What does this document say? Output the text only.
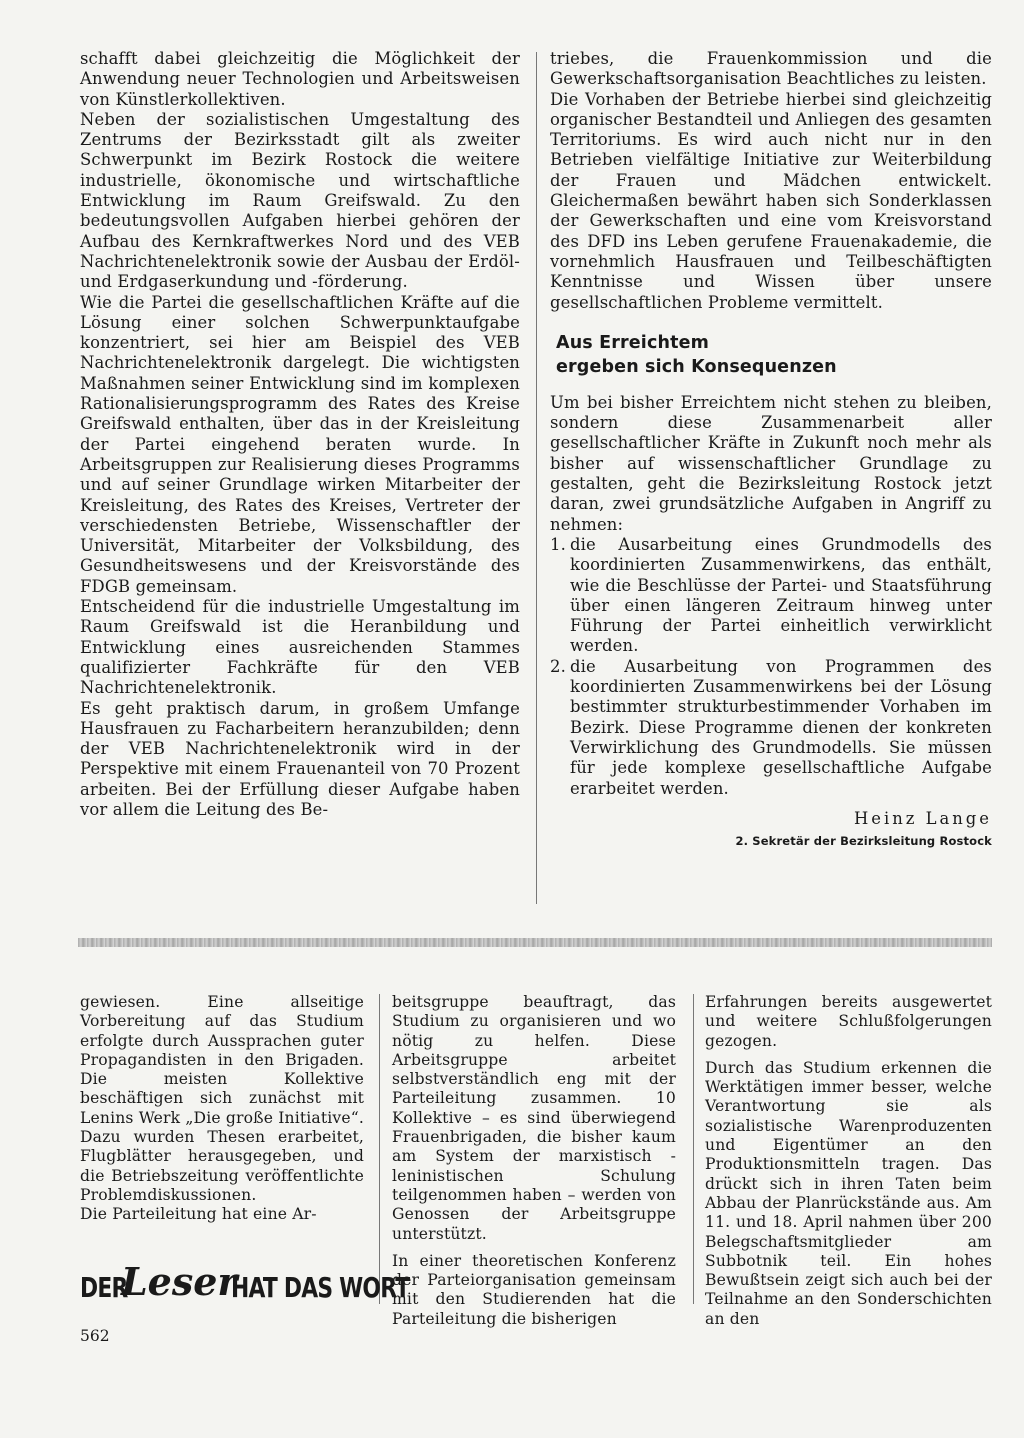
schafft dabei gleichzeitig die Möglichkeit der Anwendung neuer Technologien und Arbeitsweisen von Künstlerkollektiven.

Neben der sozialistischen Umgestaltung des Zentrums der Bezirksstadt gilt als zweiter Schwerpunkt im Bezirk Rostock die weitere industrielle, ökonomische und wirtschaftliche Entwicklung im Raum Greifswald. Zu den bedeutungsvollen Aufgaben hierbei gehören der Aufbau des Kernkraftwerkes Nord und des VEB Nachrichtenelektronik sowie der Ausbau der Erdöl- und Erdgaserkundung und -förderung.

Wie die Partei die gesellschaftlichen Kräfte auf die Lösung einer solchen Schwerpunktaufgabe konzentriert, sei hier am Beispiel des VEB Nachrichtenelektronik dargelegt. Die wichtigsten Maßnahmen seiner Entwicklung sind im komplexen Rationalisierungsprogramm des Rates des Kreise Greifswald enthalten, über das in der Kreisleitung der Partei eingehend beraten wurde. In Arbeitsgruppen zur Realisierung dieses Programms und auf seiner Grundlage wirken Mitarbeiter der Kreisleitung, des Rates des Kreises, Vertreter der verschiedensten Betriebe, Wissenschaftler der Universität, Mitarbeiter der Volksbildung, des Gesundheitswesens und der Kreisvorstände des FDGB gemeinsam.

Entscheidend für die industrielle Umgestaltung im Raum Greifswald ist die Heranbildung und Entwicklung eines ausreichenden Stammes qualifizierter Fachkräfte für den VEB Nachrichtenelektronik.

Es geht praktisch darum, in großem Umfange Hausfrauen zu Facharbeitern heranzubilden; denn der VEB Nachrichtenelektronik wird in der Perspektive mit einem Frauenanteil von 70 Prozent arbeiten. Bei der Erfüllung dieser Aufgabe haben vor allem die Leitung des Be-

triebes, die Frauenkommission und die Gewerkschaftsorganisation Beachtliches zu leisten.

Die Vorhaben der Betriebe hierbei sind gleichzeitig organischer Bestandteil und Anliegen des gesamten Territoriums. Es wird auch nicht nur in den Betrieben vielfältige Initiative zur Weiterbildung der Frauen und Mädchen entwickelt. Gleichermaßen bewährt haben sich Sonderklassen der Gewerkschaften und eine vom Kreisvorstand des DFD ins Leben gerufene Frauenakademie, die vornehmlich Hausfrauen und Teilbeschäftigten Kenntnisse und Wissen über unsere gesellschaftlichen Probleme vermittelt.

Aus Erreichtem
ergeben sich Konsequenzen

Um bei bisher Erreichtem nicht stehen zu bleiben, sondern diese Zusammenarbeit aller gesellschaftlicher Kräfte in Zukunft noch mehr als bisher auf wissenschaftlicher Grundlage zu gestalten, geht die Bezirksleitung Rostock jetzt daran, zwei grundsätzliche Aufgaben in Angriff zu nehmen:

1. die Ausarbeitung eines Grundmodells des koordinierten Zusammenwirkens, das enthält, wie die Beschlüsse der Partei- und Staatsführung über einen längeren Zeitraum hinweg unter Führung der Partei einheitlich verwirklicht werden.
2. die Ausarbeitung von Programmen des koordinierten Zusammenwirkens bei der Lösung bestimmter strukturbestimmender Vorhaben im Bezirk. Diese Programme dienen der konkreten Verwirklichung des Grundmodells. Sie müssen für jede komplexe gesellschaftliche Aufgabe erarbeitet werden.

Heinz Lange

2. Sekretär der Bezirksleitung Rostock

gewiesen. Eine allseitige Vorbereitung auf das Studium erfolgte durch Aussprachen guter Propagandisten in den Brigaden. Die meisten Kollektive beschäftigen sich zunächst mit Lenins Werk „Die große Initiative“. Dazu wurden Thesen erarbeitet, Flugblätter herausgegeben, und die Betriebszeitung veröffentlichte Problemdiskussionen.

Die Parteileitung hat eine Ar-

beitsgruppe beauftragt, das Studium zu organisieren und wo nötig zu helfen. Diese Arbeitsgruppe arbeitet selbstverständlich eng mit der Parteileitung zusammen. 10 Kollektive – es sind überwiegend Frauenbrigaden, die bisher kaum am System der marxistisch - leninistischen Schulung teilgenommen haben – werden von Genossen der Arbeitsgruppe unterstützt.

In einer theoretischen Konferenz der Parteiorganisation gemeinsam mit den Studierenden hat die Parteileitung die bisherigen

Erfahrungen bereits ausgewertet und weitere Schlußfolgerungen gezogen.

Durch das Studium erkennen die Werktätigen immer besser, welche Verantwortung sie als sozialistische Warenproduzenten und Eigentümer an den Produktionsmitteln tragen. Das drückt sich in ihren Taten beim Abbau der Planrückstände aus. Am 11. und 18. April nahmen über 200 Belegschaftsmitglieder am Subbotnik teil. Ein hohes Bewußtsein zeigt sich auch bei der Teilnahme an den Sonderschichten an den

DER
Leser
HAT DAS WORT
562
